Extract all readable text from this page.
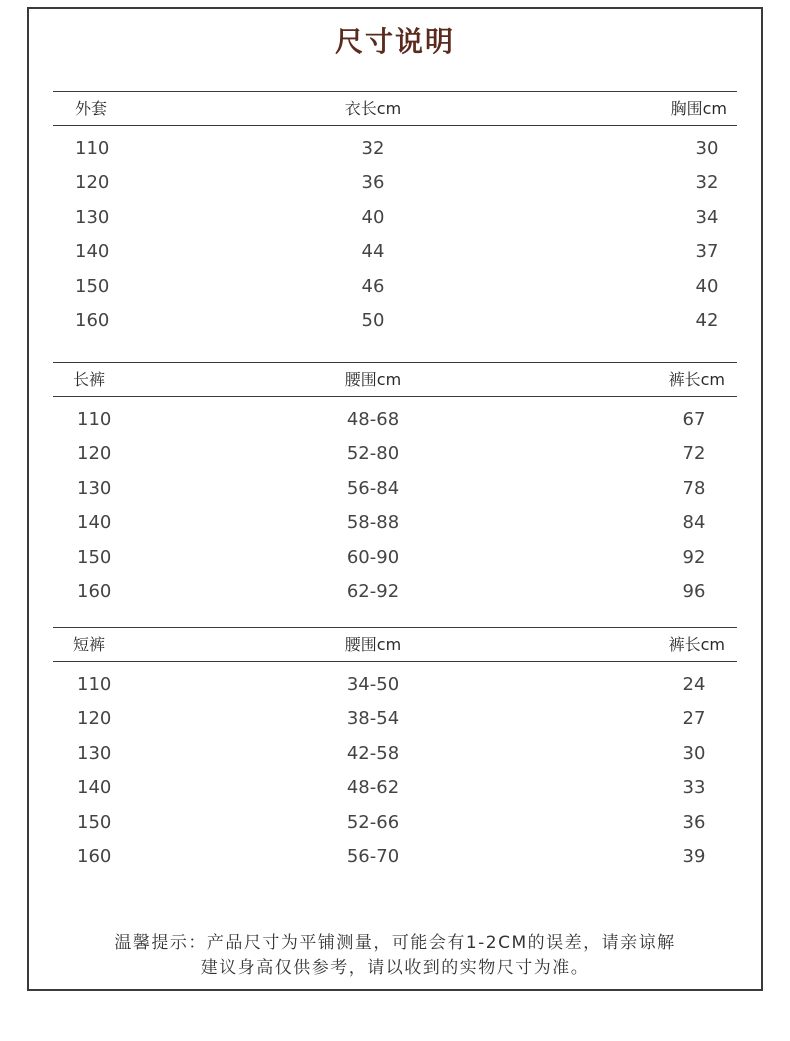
尺寸说明
外套	衣长cm	胸围cm
110	32	30
120	36	32
130	40	34
140	44	37
150	46	40
160	50	42
长裤	腰围cm	裤长cm
110	48-68	67
120	52-80	72
130	56-84	78
140	58-88	84
150	60-90	92
160	62-92	96
短裤	腰围cm	裤长cm
110	34-50	24
120	38-54	27
130	42-58	30
140	48-62	33
150	52-66	36
160	56-70	39
温馨提示：产品尺寸为平铺测量，可能会有1-2CM的误差，请亲谅解
建议身高仅供参考，请以收到的实物尺寸为准。
